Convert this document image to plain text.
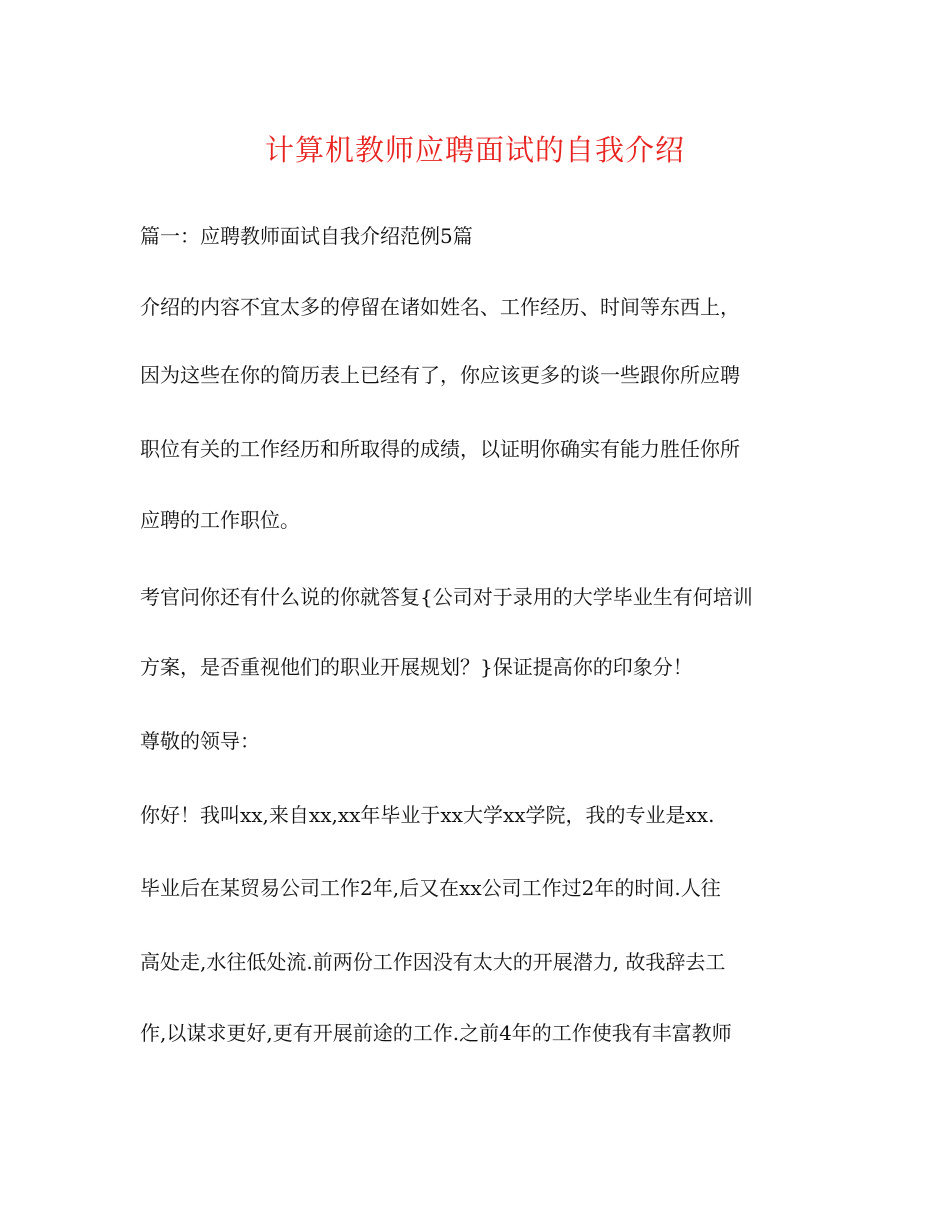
计算机教师应聘面试的自我介绍
篇一：应聘教师面试自我介绍范例5篇
介绍的内容不宜太多的停留在诸如姓名、工作经历、时间等东西上，
因为这些在你的简历表上已经有了，你应该更多的谈一些跟你所应聘
职位有关的工作经历和所取得的成绩，以证明你确实有能力胜任你所
应聘的工作职位。
考官问你还有什么说的你就答复{公司对于录用的大学毕业生有何培训
方案，是否重视他们的职业开展规划？}保证提高你的印象分！
尊敬的领导：
你好！我叫xx,来自xx,xx年毕业于xx大学xx学院，我的专业是xx.
毕业后在某贸易公司工作2年,后又在xx公司工作过2年的时间.人往
高处走,水往低处流.前两份工作因没有太大的开展潜力, 故我辞去工
作,以谋求更好,更有开展前途的工作.之前4年的工作使我有丰富教师
